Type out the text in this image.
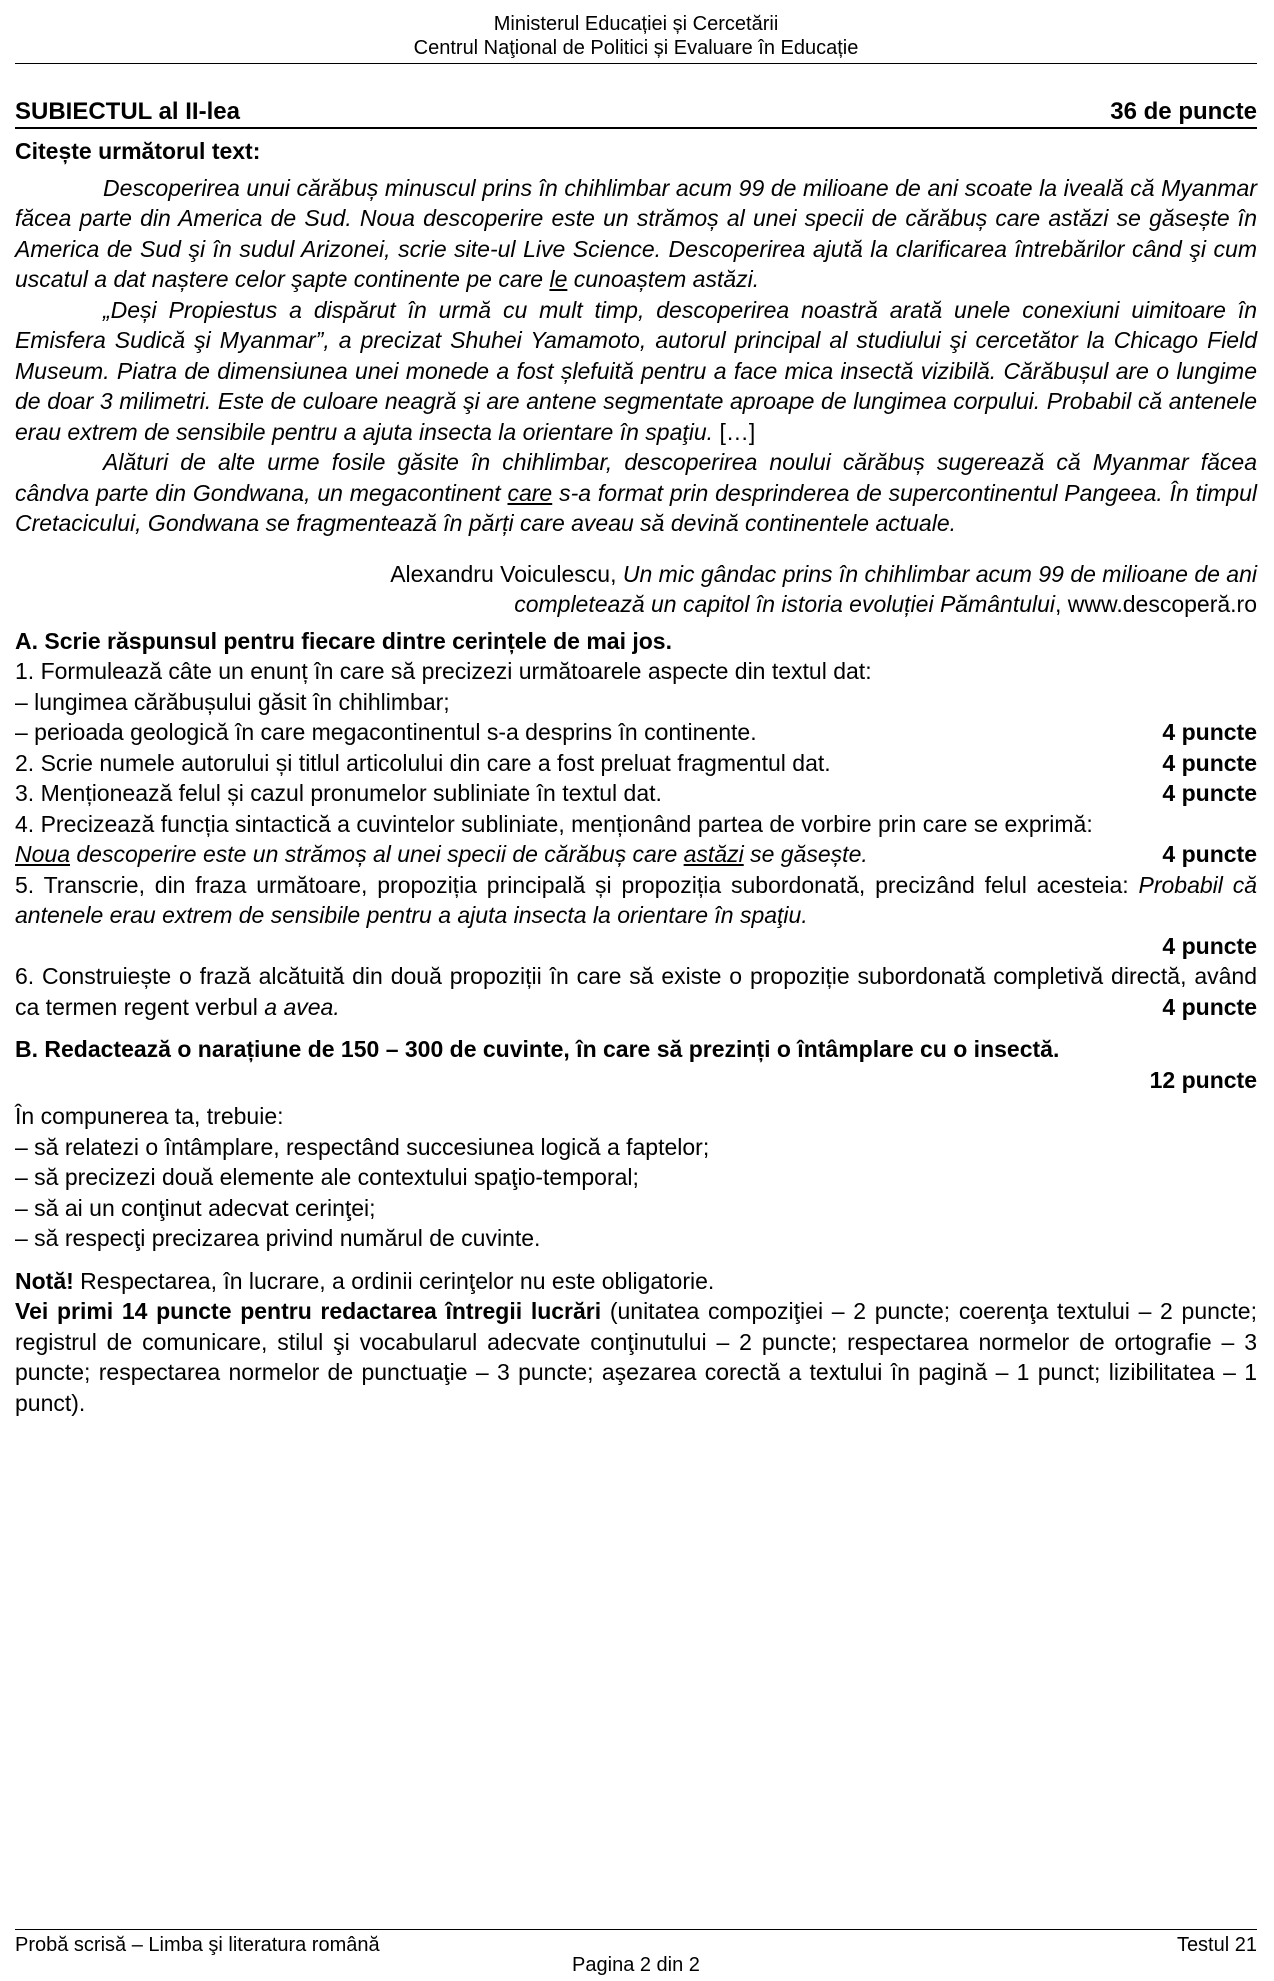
Ministerul Educației și Cercetării
Centrul Naţional de Politici și Evaluare în Educație
SUBIECTUL al II-lea	36 de puncte

Citește următorul text:

Descoperirea unui cărăbuș minuscul prins în chihlimbar acum 99 de milioane de ani scoate la iveală că Myanmar făcea parte din America de Sud. Noua descoperire este un strămoș al unei specii de cărăbuș care astăzi se găsește în America de Sud şi în sudul Arizonei, scrie site-ul Live Science. Descoperirea ajută la clarificarea întrebărilor când şi cum uscatul a dat naștere celor şapte continente pe care le cunoaștem astăzi.

„Deși Propiestus a dispărut în urmă cu mult timp, descoperirea noastră arată unele conexiuni uimitoare în Emisfera Sudică şi Myanmar”, a precizat Shuhei Yamamoto, autorul principal al studiului şi cercetător la Chicago Field Museum. Piatra de dimensiunea unei monede a fost șlefuită pentru a face mica insectă vizibilă. Cărăbușul are o lungime de doar 3 milimetri. Este de culoare neagră şi are antene segmentate aproape de lungimea corpului. Probabil că antenele erau extrem de sensibile pentru a ajuta insecta la orientare în spaţiu. […]

Alături de alte urme fosile găsite în chihlimbar, descoperirea noului cărăbuș sugerează că Myanmar făcea cândva parte din Gondwana, un megacontinent care s-a format prin desprinderea de supercontinentul Pangeea. În timpul Cretacicului, Gondwana se fragmentează în părți care aveau să devină continentele actuale.

Alexandru Voiculescu, Un mic gândac prins în chihlimbar acum 99 de milioane de ani
completează un capitol în istoria evoluției Pământului, www.descoperă.ro

A. Scrie răspunsul pentru fiecare dintre cerințele de mai jos.

1. Formulează câte un enunț în care să precizezi următoarele aspecte din textul dat:

– lungimea cărăbușului găsit în chihlimbar;

– perioada geologică în care megacontinentul s-a desprins în continente.	4 puncte
2. Scrie numele autorului și titlul articolului din care a fost preluat fragmentul dat.	4 puncte
3. Menționează felul și cazul pronumelor subliniate în textul dat.	4 puncte

4. Precizează funcția sintactică a cuvintelor subliniate, menționând partea de vorbire prin care se exprimă:

Noua descoperire este un strămoș al unei specii de cărăbuș care astăzi se găsește.	4 puncte

5. Transcrie, din fraza următoare, propoziția principală și propoziția subordonată, precizând felul acesteia: Probabil că antenele erau extrem de sensibile pentru a ajuta insecta la orientare în spaţiu.

4 puncte

6. Construiește o frază alcătuită din două propoziții în care să existe o propoziție subordonată completivă directă, având ca termen regent verbul a avea.	4 puncte

B. Redactează o narațiune de 150 – 300 de cuvinte, în care să prezinți o întâmplare cu o insectă.

12 puncte

În compunerea ta, trebuie:

– să relatezi o întâmplare, respectând succesiunea logică a faptelor;

– să precizezi două elemente ale contextului spaţio-temporal;

– să ai un conţinut adecvat cerinţei;

– să respecţi precizarea privind numărul de cuvinte.

Notă! Respectarea, în lucrare, a ordinii cerinţelor nu este obligatorie.

Vei primi 14 puncte pentru redactarea întregii lucrări (unitatea compoziţiei – 2 puncte; coerenţa textului – 2 puncte; registrul de comunicare, stilul şi vocabularul adecvate conţinutului – 2 puncte; respectarea normelor de ortografie – 3 puncte; respectarea normelor de punctuaţie – 3 puncte; aşezarea corectă a textului în pagină – 1 punct; lizibilitatea – 1 punct).

Probă scrisă – Limba şi literatura română	Testul 21
Pagina 2 din 2
